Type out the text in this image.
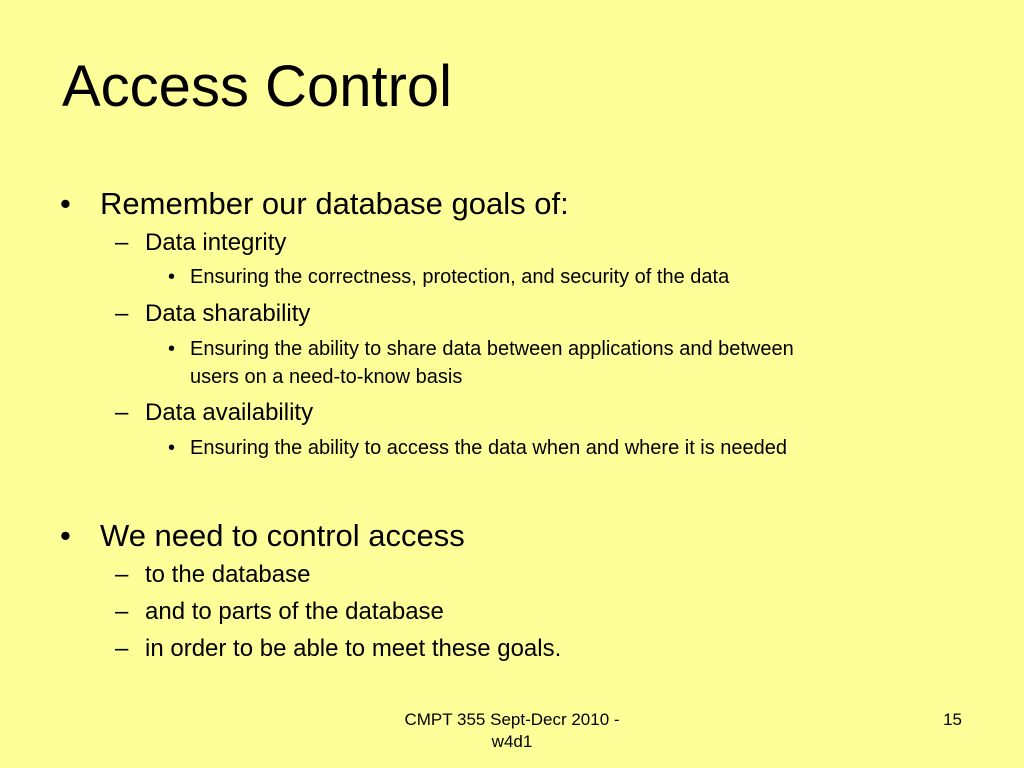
Access Control
• Remember our database goals of:
– Data integrity
• Ensuring the correctness, protection, and security of the data
– Data sharability
• Ensuring the ability to share data between applications and between
users on a need-to-know basis
– Data availability
• Ensuring the ability to access the data when and where it is needed
• We need to control access
– to the database
– and to parts of the database
– in order to be able to meet these goals.
CMPT 355 Sept-Decr 2010 -
w4d1
15
